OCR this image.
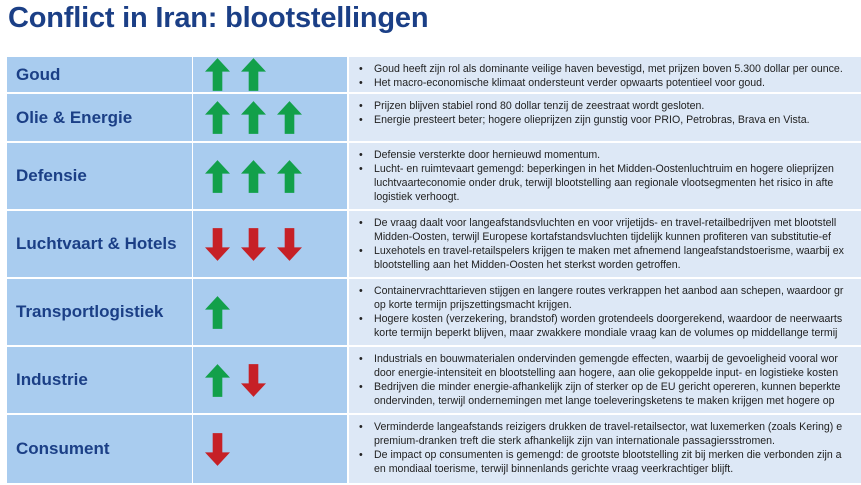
Conflict in Iran: blootstellingen
Goud
•	Goud heeft zijn rol als dominante veilige haven bevestigd, met prijzen boven 5.300 dollar per ounce.
• Het macro-economische klimaat ondersteunt verder opwaarts potentieel voor goud.
Olie & Energie
• Prijzen blijven stabiel rond 80 dollar tenzij de zeestraat wordt gesloten.
• Energie presteert beter; hogere olieprijzen zijn gunstig voor PRIO, Petrobras, Brava en Vista.
Defensie
• Defensie versterkte door hernieuwd momentum.
• Lucht- en ruimtevaart gemengd: beperkingen in het Midden-Oostenluchtruim en hogere olieprijzen
luchtvaarteconomie onder druk, terwijl blootstelling aan regionale vlootsegmenten het risico in afte
logistiek verhoogt.
Luchtvaart & Hotels
• De vraag daalt voor langeafstandsvluchten en voor vrijetijds- en travel-retailbedrijven met blootstell
Midden-Oosten, terwijl Europese kortafstandsvluchten tijdelijk kunnen profiteren van substitutie-ef
• Luxehotels en travel-retailspelers krijgen te maken met afnemend langeafstandstoerisme, waarbij ex
blootstelling aan het Midden-Oosten het sterkst worden getroffen.
Transportlogistiek
• Containervrachttarieven stijgen en langere routes verkrappen het aanbod aan schepen, waardoor gr
op korte termijn prijszettingsmacht krijgen.
• Hogere kosten (verzekering, brandstof) worden grotendeels doorgerekend, waardoor de neerwaarts
korte termijn beperkt blijven, maar zwakkere mondiale vraag kan de volumes op middellange termij
Industrie
• Industrials en bouwmaterialen ondervinden gemengde effecten, waarbij de gevoeligheid vooral wor
door energie-intensiteit en blootstelling aan hogere, aan olie gekoppelde input- en logistieke kosten
• Bedrijven die minder energie-afhankelijk zijn of sterker op de EU gericht opereren, kunnen beperkte
ondervinden, terwijl ondernemingen met lange toeleveringsketens te maken krijgen met hogere op
Consument
• Verminderde langeafstands reizigers drukken de travel-retailsector, wat luxemerken (zoals Kering) e
premium-dranken treft die sterk afhankelijk zijn van internationale passagiersstromen.
• De impact op consumenten is gemengd: de grootste blootstelling zit bij merken die verbonden zijn a
en mondiaal toerisme, terwijl binnenlands gerichte vraag veerkrachtiger blijft.
